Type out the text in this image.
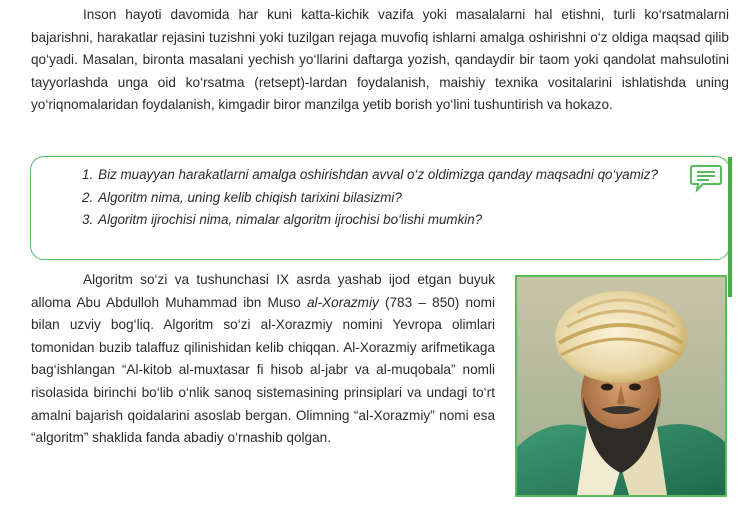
Inson hayoti davomida har kuni katta-kichik vazifa yoki masalalarni hal etishni, turli ko‘rsatmalarni bajarishni, harakatlar rejasini tuzishni yoki tuzilgan rejaga muvofiq ishlarni amalga oshirishni o‘z oldiga maqsad qilib qo‘yadi. Masalan, bironta masalani yechish yo‘llarini daftarga yozish, qandaydir bir taom yoki qandolat mahsulotini tayyorlashda unga oid ko‘rsatma (retsept)-lardan foydalanish, maishiy texnika vositalarini ishlatishda uning yo‘riqnomalaridan foydalanish, kimgadir biror manzilga yetib borish yo‘lini tushuntirish va hokazo.

1. Biz muayyan harakatlarni amalga oshirishdan avval o‘z oldimizga qanday maqsadni qo‘yamiz?
2. Algoritm nima, uning kelib chiqish tarixini bilasizmi?
3. Algoritm ijrochisi nima, nimalar algoritm ijrochisi bo‘lishi mumkin?

Algoritm so‘zi va tushunchasi IX asrda yashab ijod etgan buyuk alloma Abu Abdulloh Muhammad ibn Muso al-Xorazmiy (783 – 850) nomi bilan uzviy bog‘liq. Algoritm so‘zi al-Xorazmiy nomini Yevropa olimlari tomonidan buzib talaffuz qilinishidan kelib chiqqan. Al-Xorazmiy arifmetikaga bag‘ishlangan “Al-kitob al-muxtasar fi hisob al-jabr va al-muqobala” nomli risolasida birinchi bo‘lib o‘nlik sanoq sistemasining prinsiplari va undagi to‘rt amalni bajarish qoidalarini asoslab bergan. Olimning “al-Xorazmiy” nomi esa “algoritm” shaklida fanda abadiy o‘rnashib qolgan.
